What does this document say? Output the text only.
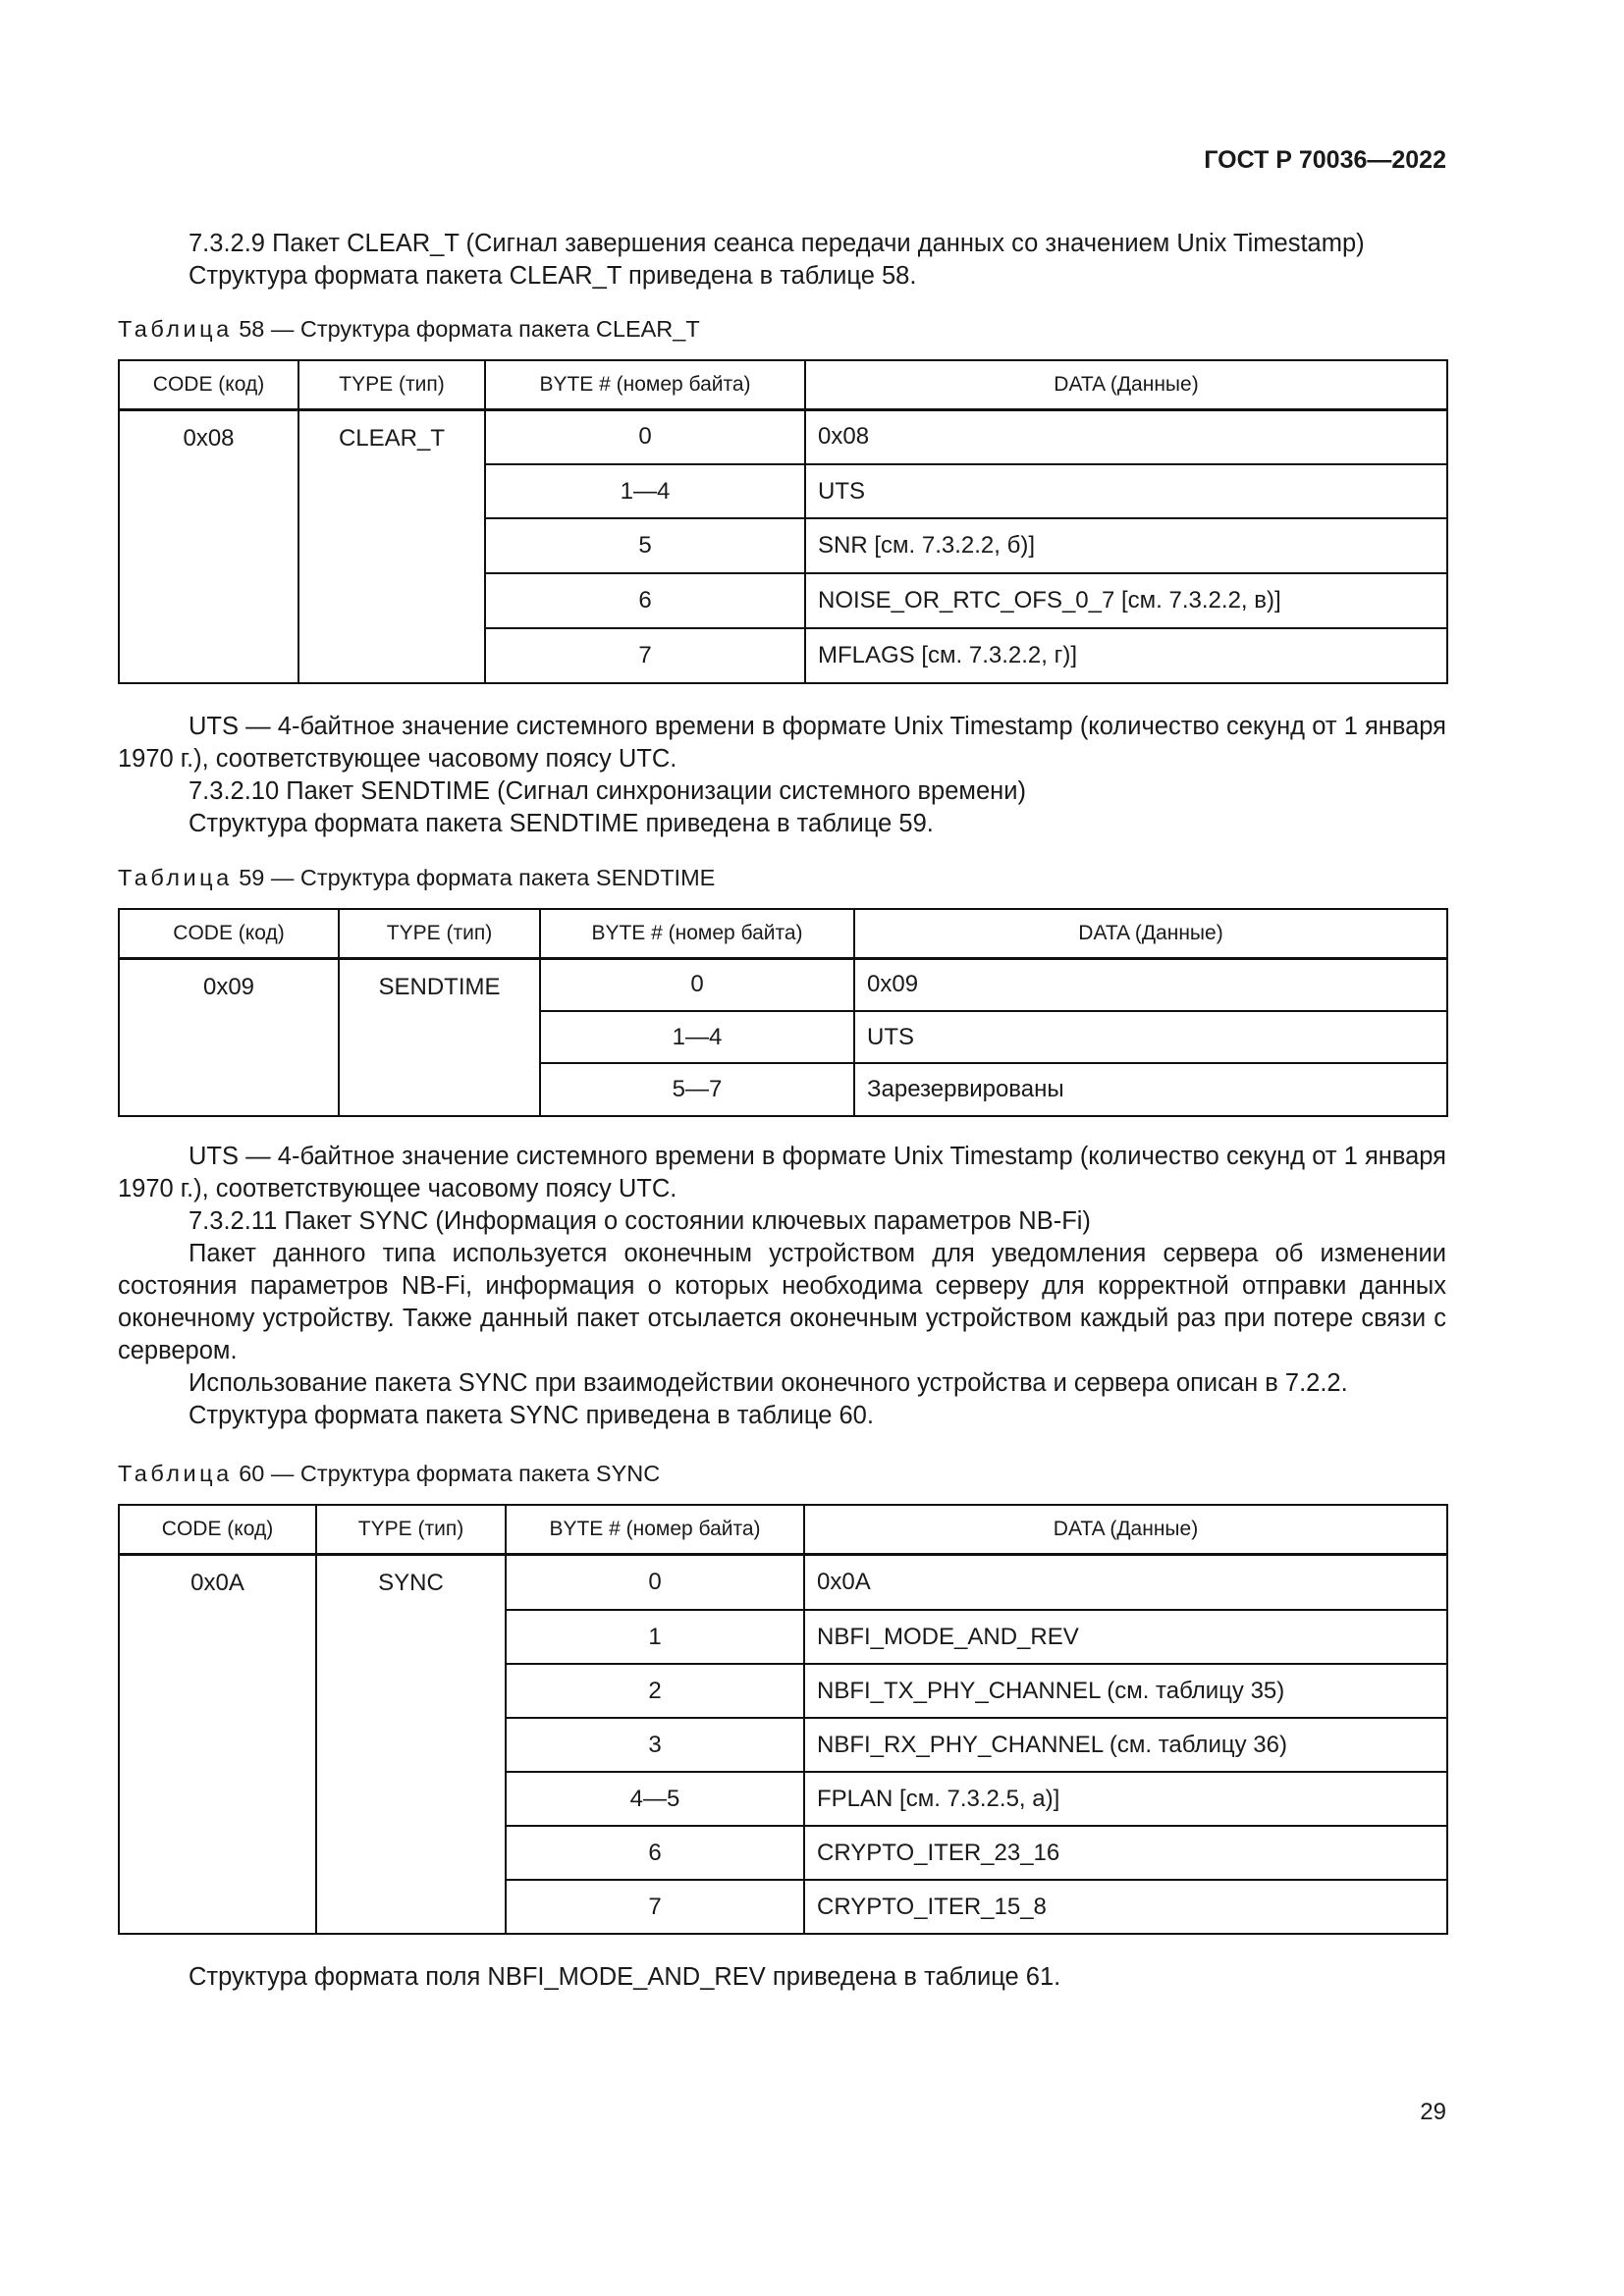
ГОСТ Р 70036—2022
7.3.2.9 Пакет CLEAR_T (Сигнал завершения сеанса передачи данных со значением Unix Timestamp)
Структура формата пакета CLEAR_T приведена в таблице 58.
Таблица 58 — Структура формата пакета CLEAR_T
CODE (код)	TYPE (тип)	BYTE # (номер байта)	DATA (Данные)
0x08	CLEAR_T	0	0x08
		1—4	UTS
		5	SNR [см. 7.3.2.2, б)]
		6	NOISE_OR_RTC_OFS_0_7 [см. 7.3.2.2, в)]
		7	MFLAGS [см. 7.3.2.2, г)]
UTS — 4-байтное значение системного времени в формате Unix Timestamp (количество секунд от 1 января 1970 г.), соответствующее часовому поясу UTC.
7.3.2.10 Пакет SENDTIME (Сигнал синхронизации системного времени)
Структура формата пакета SENDTIME приведена в таблице 59.
Таблица 59 — Структура формата пакета SENDTIME
CODE (код)	TYPE (тип)	BYTE # (номер байта)	DATA (Данные)
0x09	SENDTIME	0	0x09
		1—4	UTS
		5—7	Зарезервированы
UTS — 4-байтное значение системного времени в формате Unix Timestamp (количество секунд от 1 января 1970 г.), соответствующее часовому поясу UTC.
7.3.2.11 Пакет SYNC (Информация о состоянии ключевых параметров NB-Fi)
Пакет данного типа используется оконечным устройством для уведомления сервера об изменении состояния параметров NB-Fi, информация о которых необходима серверу для корректной отправки данных оконечному устройству. Также данный пакет отсылается оконечным устройством каждый раз при потере связи с сервером.
Использование пакета SYNC при взаимодействии оконечного устройства и сервера описан в 7.2.2.
Структура формата пакета SYNC приведена в таблице 60.
Таблица 60 — Структура формата пакета SYNC
CODE (код)	TYPE (тип)	BYTE # (номер байта)	DATA (Данные)
0x0A	SYNC	0	0x0A
		1	NBFI_MODE_AND_REV
		2	NBFI_TX_PHY_CHANNEL (см. таблицу 35)
		3	NBFI_RX_PHY_CHANNEL (см. таблицу 36)
		4—5	FPLAN [см. 7.3.2.5, а)]
		6	CRYPTO_ITER_23_16
		7	CRYPTO_ITER_15_8
Структура формата поля NBFI_MODE_AND_REV приведена в таблице 61.
29
